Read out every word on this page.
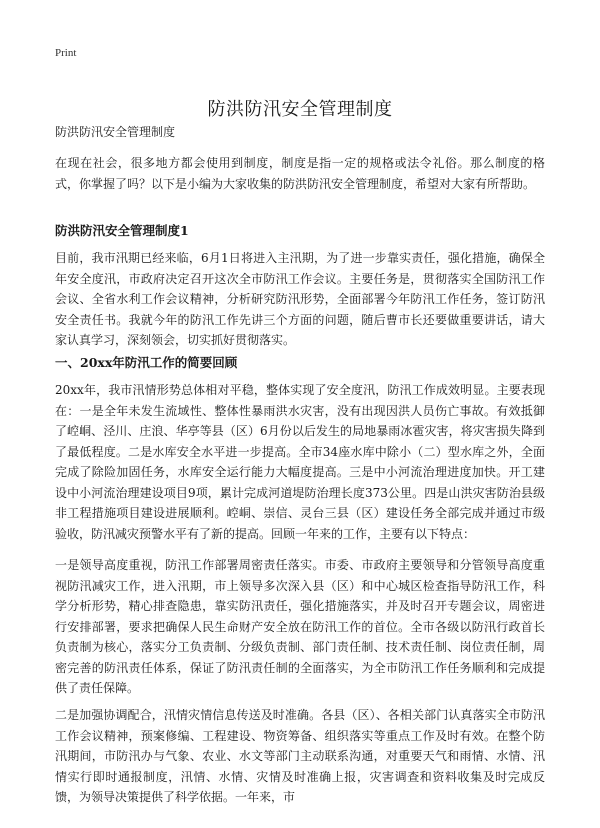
Print
防洪防汛安全管理制度
防洪防汛安全管理制度

在现在社会，很多地方都会使用到制度，制度是指一定的规格或法令礼俗。那么制度的格式，你掌握了吗？以下是小编为大家收集的防洪防汛安全管理制度，希望对大家有所帮助。

防洪防汛安全管理制度1

目前，我市汛期已经来临，6月1日将进入主汛期，为了进一步靠实责任，强化措施，确保全年安全度汛，市政府决定召开这次全市防汛工作会议。主要任务是，贯彻落实全国防汛工作会议、全省水利工作会议精神，分析研究防汛形势，全面部署今年防汛工作任务，签订防汛安全责任书。我就今年的防汛工作先讲三个方面的问题，随后曹市长还要做重要讲话，请大家认真学习，深刻领会，切实抓好贯彻落实。

一、20xx年防汛工作的简要回顾

20xx年，我市汛情形势总体相对平稳，整体实现了安全度汛，防汛工作成效明显。主要表现在：一是全年未发生流域性、整体性暴雨洪水灾害，没有出现因洪人员伤亡事故。有效抵御了崆峒、泾川、庄浪、华亭等县（区）6月份以后发生的局地暴雨冰雹灾害，将灾害损失降到了最低程度。二是水库安全水平进一步提高。全市34座水库中除小（二）型水库之外，全面完成了除险加固任务，水库安全运行能力大幅度提高。三是中小河流治理进度加快。开工建设中小河流治理建设项目9项，累计完成河道堤防治理长度373公里。四是山洪灾害防治县级非工程措施项目建设进展顺利。崆峒、崇信、灵台三县（区）建设任务全部完成并通过市级验收，防汛减灾预警水平有了新的提高。回顾一年来的工作，主要有以下特点：

一是领导高度重视，防汛工作部署周密责任落实。市委、市政府主要领导和分管领导高度重视防汛减灾工作，进入汛期，市上领导多次深入县（区）和中心城区检查指导防汛工作，科学分析形势，精心排查隐患，靠实防汛责任，强化措施落实，并及时召开专题会议，周密进行安排部署，要求把确保人民生命财产安全放在防汛工作的首位。全市各级以防汛行政首长负责制为核心，落实分工负责制、分级负责制、部门责任制、技术责任制、岗位责任制，周密完善的防汛责任体系，保证了防汛责任制的全面落实，为全市防汛工作任务顺利和完成提供了责任保障。

二是加强协调配合，汛情灾情信息传送及时准确。各县（区）、各相关部门认真落实全市防汛工作会议精神，预案修编、工程建设、物资筹备、组织落实等重点工作及时有效。在整个防汛期间，市防汛办与气象、农业、水文等部门主动联系沟通，对重要天气和雨情、水情、汛情实行即时通报制度，汛情、水情、灾情及时准确上报，灾害调查和资料收集及时完成反馈，为领导决策提供了科学依据。一年来，市
